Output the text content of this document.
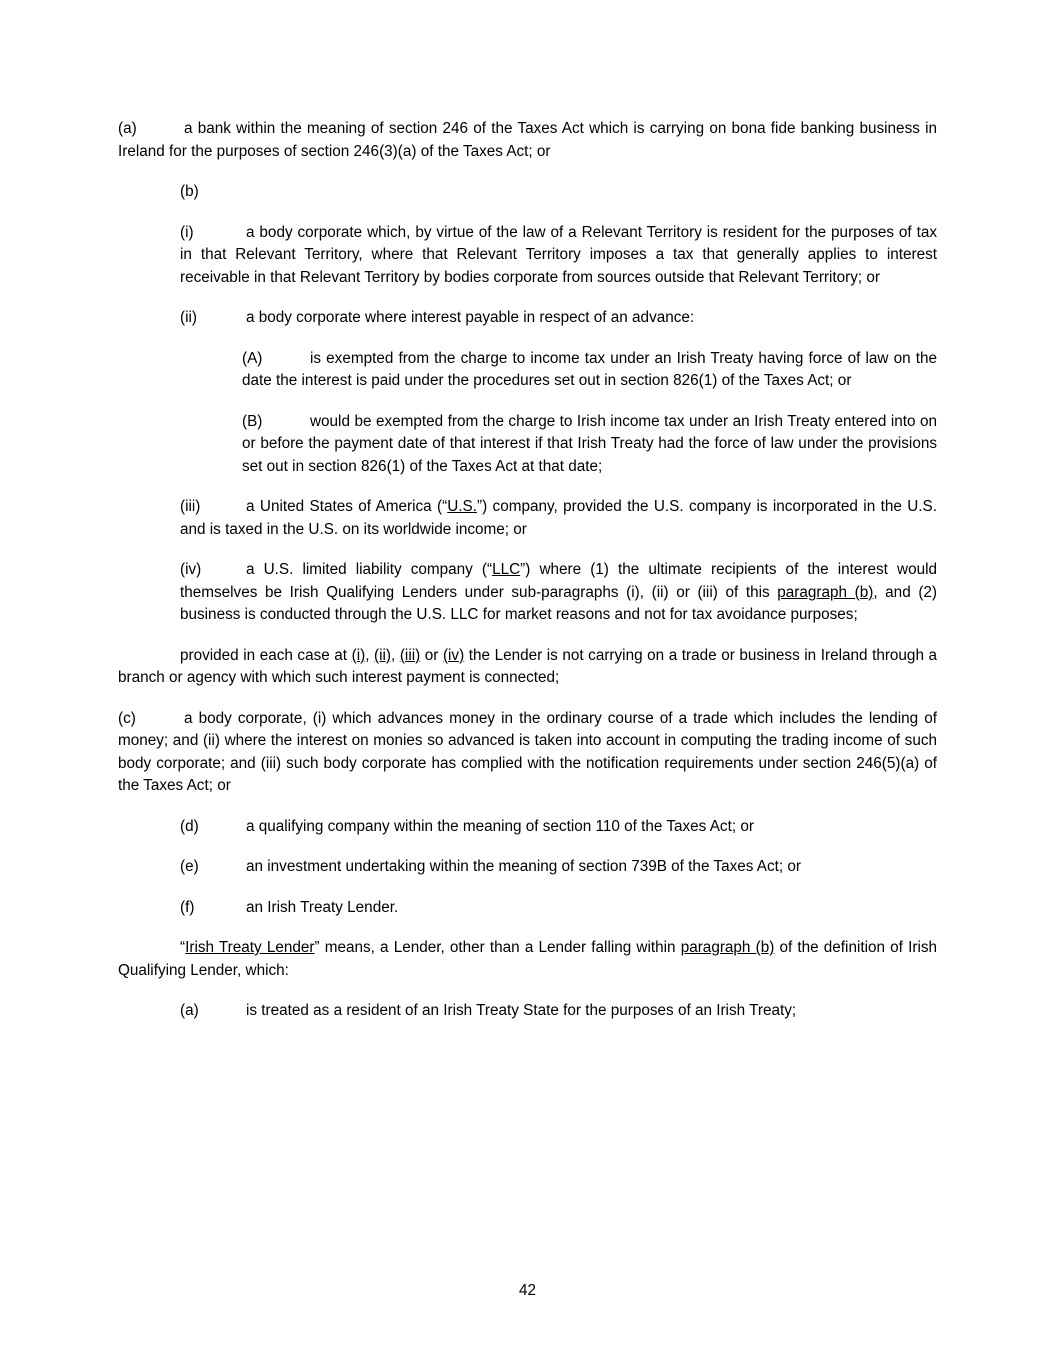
(a)	a bank within the meaning of section 246 of the Taxes Act which is carrying on bona fide banking business in Ireland for the purposes of section 246(3)(a) of the Taxes Act; or

(b)

(i)	a body corporate which, by virtue of the law of a Relevant Territory is resident for the purposes of tax in that Relevant Territory, where that Relevant Territory imposes a tax that generally applies to interest receivable in that Relevant Territory by bodies corporate from sources outside that Relevant Territory; or

(ii)	a body corporate where interest payable in respect of an advance:

(A)	is exempted from the charge to income tax under an Irish Treaty having force of law on the date the interest is paid under the procedures set out in section 826(1) of the Taxes Act; or

(B)	would be exempted from the charge to Irish income tax under an Irish Treaty entered into on or before the payment date of that interest if that Irish Treaty had the force of law under the provisions set out in section 826(1) of the Taxes Act at that date;

(iii)	a United States of America (“U.S.”) company, provided the U.S. company is incorporated in the U.S. and is taxed in the U.S. on its worldwide income; or

(iv)	a U.S. limited liability company (“LLC”) where (1) the ultimate recipients of the interest would themselves be Irish Qualifying Lenders under sub-paragraphs (i), (ii) or (iii) of this paragraph (b), and (2) business is conducted through the U.S. LLC for market reasons and not for tax avoidance purposes;

provided in each case at (i), (ii), (iii) or (iv) the Lender is not carrying on a trade or business in Ireland through a branch or agency with which such interest payment is connected;

(c)	a body corporate, (i) which advances money in the ordinary course of a trade which includes the lending of money; and (ii) where the interest on monies so advanced is taken into account in computing the trading income of such body corporate; and (iii) such body corporate has complied with the notification requirements under section 246(5)(a) of the Taxes Act; or

(d)	a qualifying company within the meaning of section 110 of the Taxes Act; or

(e)	an investment undertaking within the meaning of section 739B of the Taxes Act; or

(f)	an Irish Treaty Lender.

“Irish Treaty Lender” means, a Lender, other than a Lender falling within paragraph (b) of the definition of Irish Qualifying Lender, which:

(a)	is treated as a resident of an Irish Treaty State for the purposes of an Irish Treaty;

42
